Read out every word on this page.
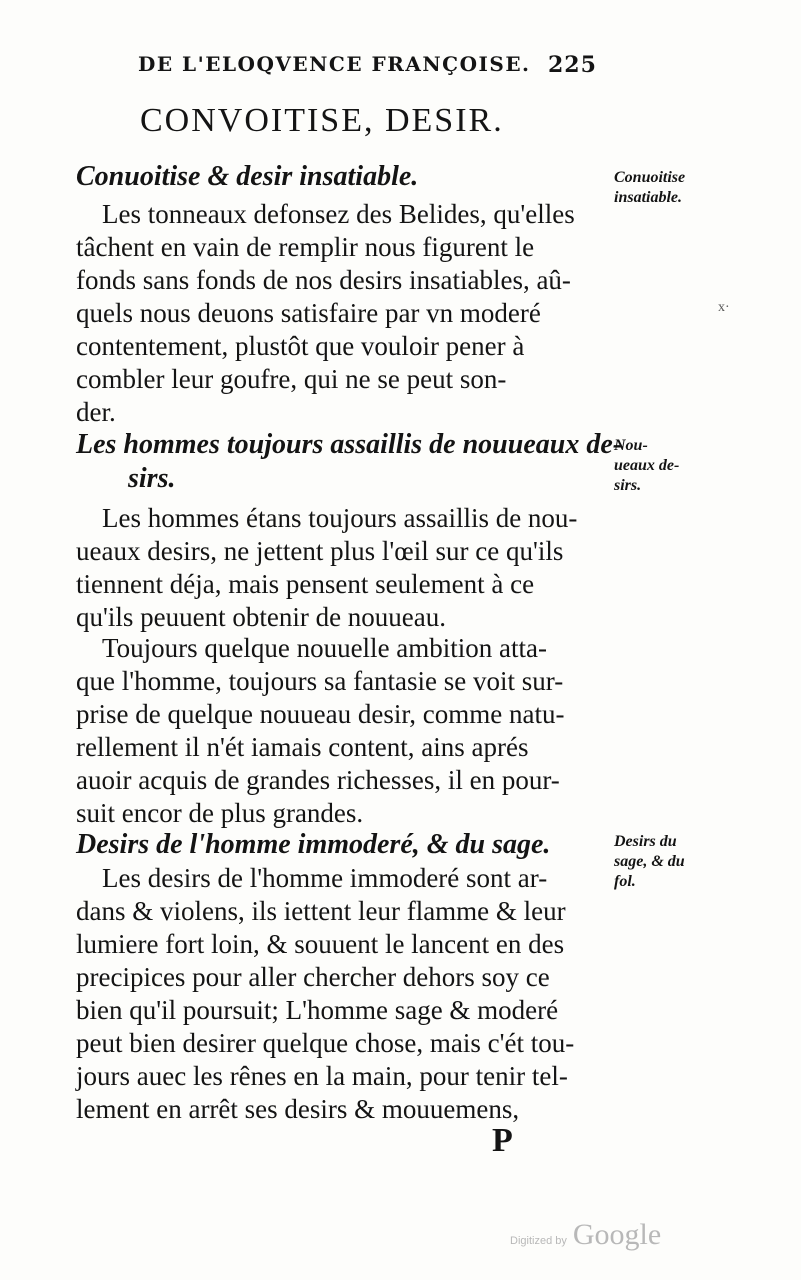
DE L'ELOQVENCE FRANÇOISE. 225
CONVOITISE, DESIR.
Conuoitise & desir insatiable.
Les tonneaux defonsez des Belides, qu'elles
tâchent en vain de remplir nous figurent le
fonds sans fonds de nos desirs insatiables, aû-
quels nous deuons satisfaire par vn moderé
contentement, plustôt que vouloir pener à
combler leur goufre, qui ne se peut son-
der.
Les hommes toujours assaillis de nouueaux de-
sirs.
Les hommes étans toujours assaillis de nou-
ueaux desirs, ne jettent plus l'œil sur ce qu'ils
tiennent déja, mais pensent seulement à ce
qu'ils peuuent obtenir de nouueau.
Toujours quelque nouuelle ambition atta-
que l'homme, toujours sa fantasie se voit sur-
prise de quelque nouueau desir, comme natu-
rellement il n'ét iamais content, ains aprés
auoir acquis de grandes richesses, il en pour-
suit encor de plus grandes.
Desirs de l'homme immoderé, & du sage.
Les desirs de l'homme immoderé sont ar-
dans & violens, ils iettent leur flamme & leur
lumiere fort loin, & souuent le lancent en des
precipices pour aller chercher dehors soy ce
bien qu'il poursuit; L'homme sage & moderé
peut bien desirer quelque chose, mais c'ét tou-
jours auec les rênes en la main, pour tenir tel-
lement en arrêt ses desirs & mouuemens,
Conuoitise
insatiable.
Nou-
ueaux de-
sirs.
Desirs du
sage, & du
fol.
x·
P
Digitized by Google
